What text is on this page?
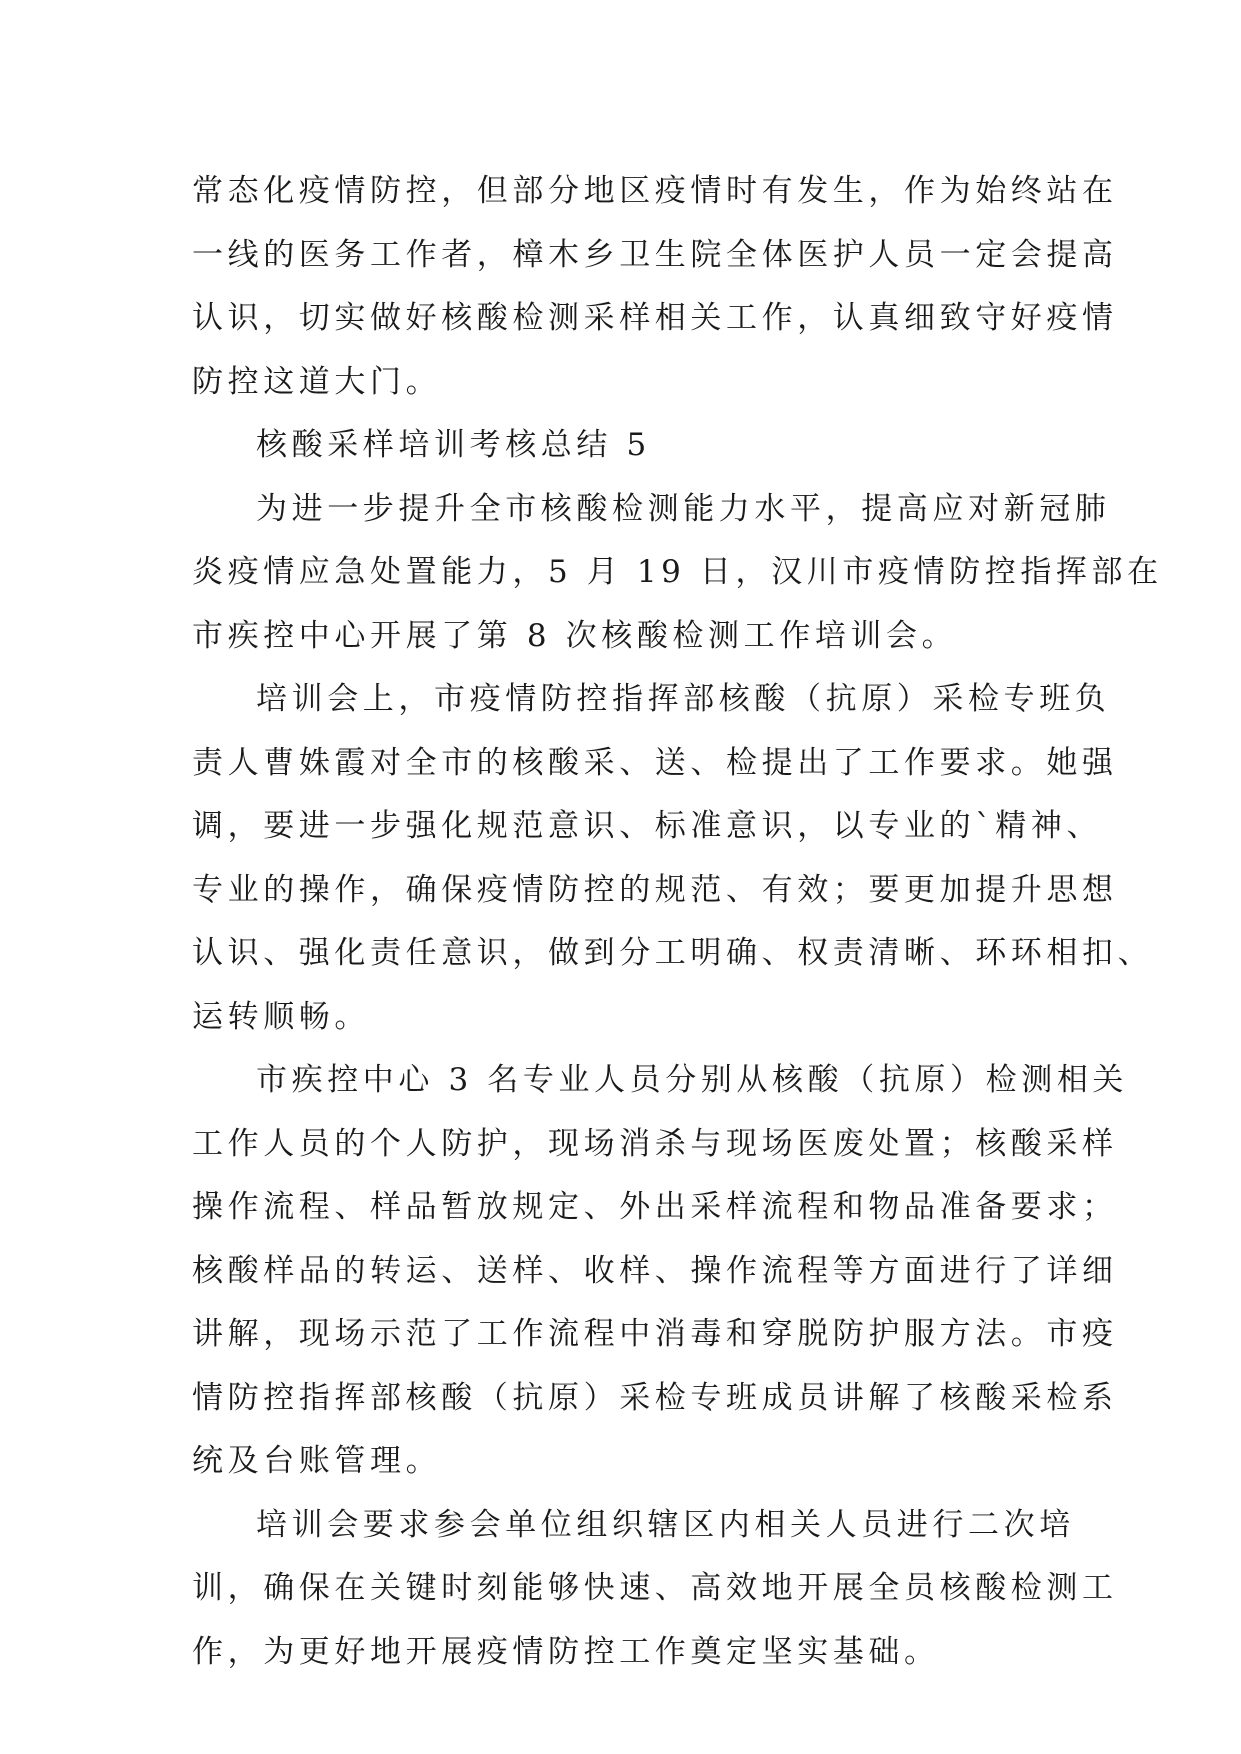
常态化疫情防控，但部分地区疫情时有发生，作为始终站在
一线的医务工作者，樟木乡卫生院全体医护人员一定会提高
认识，切实做好核酸检测采样相关工作，认真细致守好疫情
防控这道大门。
核酸采样培训考核总结 5
为进一步提升全市核酸检测能力水平，提高应对新冠肺
炎疫情应急处置能力，5 月 19 日，汉川市疫情防控指挥部在
市疾控中心开展了第 8 次核酸检测工作培训会。
培训会上，市疫情防控指挥部核酸（抗原）采检专班负
责人曹姝霞对全市的核酸采、送、检提出了工作要求。她强
调，要进一步强化规范意识、标准意识，以专业的`精神、
专业的操作，确保疫情防控的规范、有效；要更加提升思想
认识、强化责任意识，做到分工明确、权责清晰、环环相扣、
运转顺畅。
市疾控中心 3 名专业人员分别从核酸（抗原）检测相关
工作人员的个人防护，现场消杀与现场医废处置；核酸采样
操作流程、样品暂放规定、外出采样流程和物品准备要求；
核酸样品的转运、送样、收样、操作流程等方面进行了详细
讲解，现场示范了工作流程中消毒和穿脱防护服方法。市疫
情防控指挥部核酸（抗原）采检专班成员讲解了核酸采检系
统及台账管理。
培训会要求参会单位组织辖区内相关人员进行二次培
训，确保在关键时刻能够快速、高效地开展全员核酸检测工
作，为更好地开展疫情防控工作奠定坚实基础。
